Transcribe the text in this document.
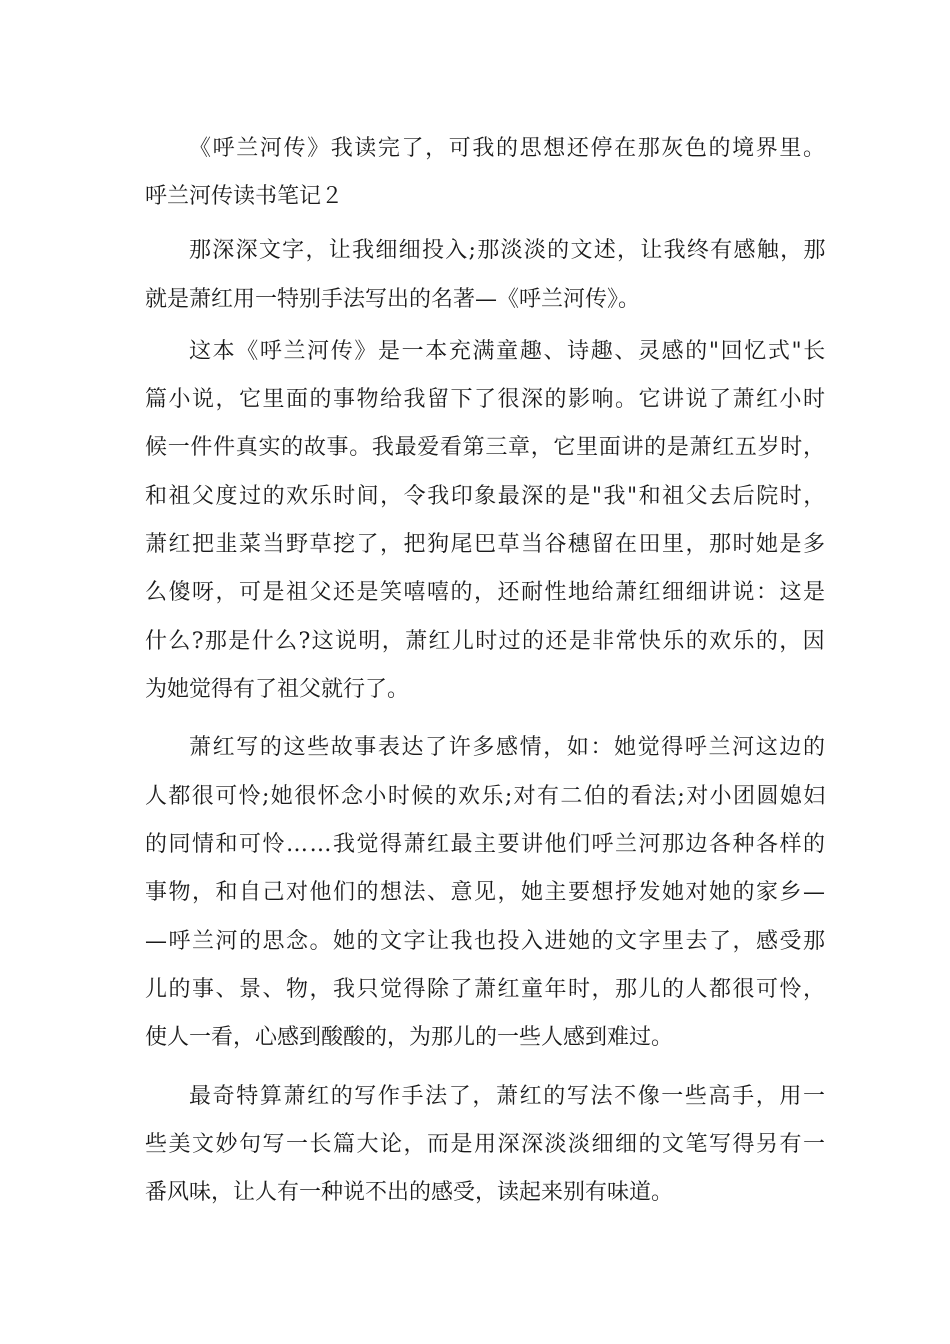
《呼兰河传》我读完了，可我的思想还停在那灰色的境界里。
呼兰河传读书笔记２
那深深文字，让我细细投入;那淡淡的文述，让我终有感触，那
就是萧红用一特别手法写出的名著—《呼兰河传》。
这本《呼兰河传》是一本充满童趣、诗趣、灵感的"回忆式"长
篇小说，它里面的事物给我留下了很深的影响。它讲说了萧红小时
候一件件真实的故事。我最爱看第三章，它里面讲的是萧红五岁时，
和祖父度过的欢乐时间，令我印象最深的是"我"和祖父去后院时，
萧红把韭菜当野草挖了，把狗尾巴草当谷穗留在田里，那时她是多
么傻呀，可是祖父还是笑嘻嘻的，还耐性地给萧红细细讲说：这是
什么?那是什么?这说明，萧红儿时过的还是非常快乐的欢乐的，因
为她觉得有了祖父就行了。
萧红写的这些故事表达了许多感情，如：她觉得呼兰河这边的
人都很可怜;她很怀念小时候的欢乐;对有二伯的看法;对小团圆媳妇
的同情和可怜……我觉得萧红最主要讲他们呼兰河那边各种各样的
事物，和自己对他们的想法、意见，她主要想抒发她对她的家乡—
—呼兰河的思念。她的文字让我也投入进她的文字里去了，感受那
儿的事、景、物，我只觉得除了萧红童年时，那儿的人都很可怜，
使人一看，心感到酸酸的，为那儿的一些人感到难过。
最奇特算萧红的写作手法了，萧红的写法不像一些高手，用一
些美文妙句写一长篇大论，而是用深深淡淡细细的文笔写得另有一
番风味，让人有一种说不出的感受，读起来别有味道。
